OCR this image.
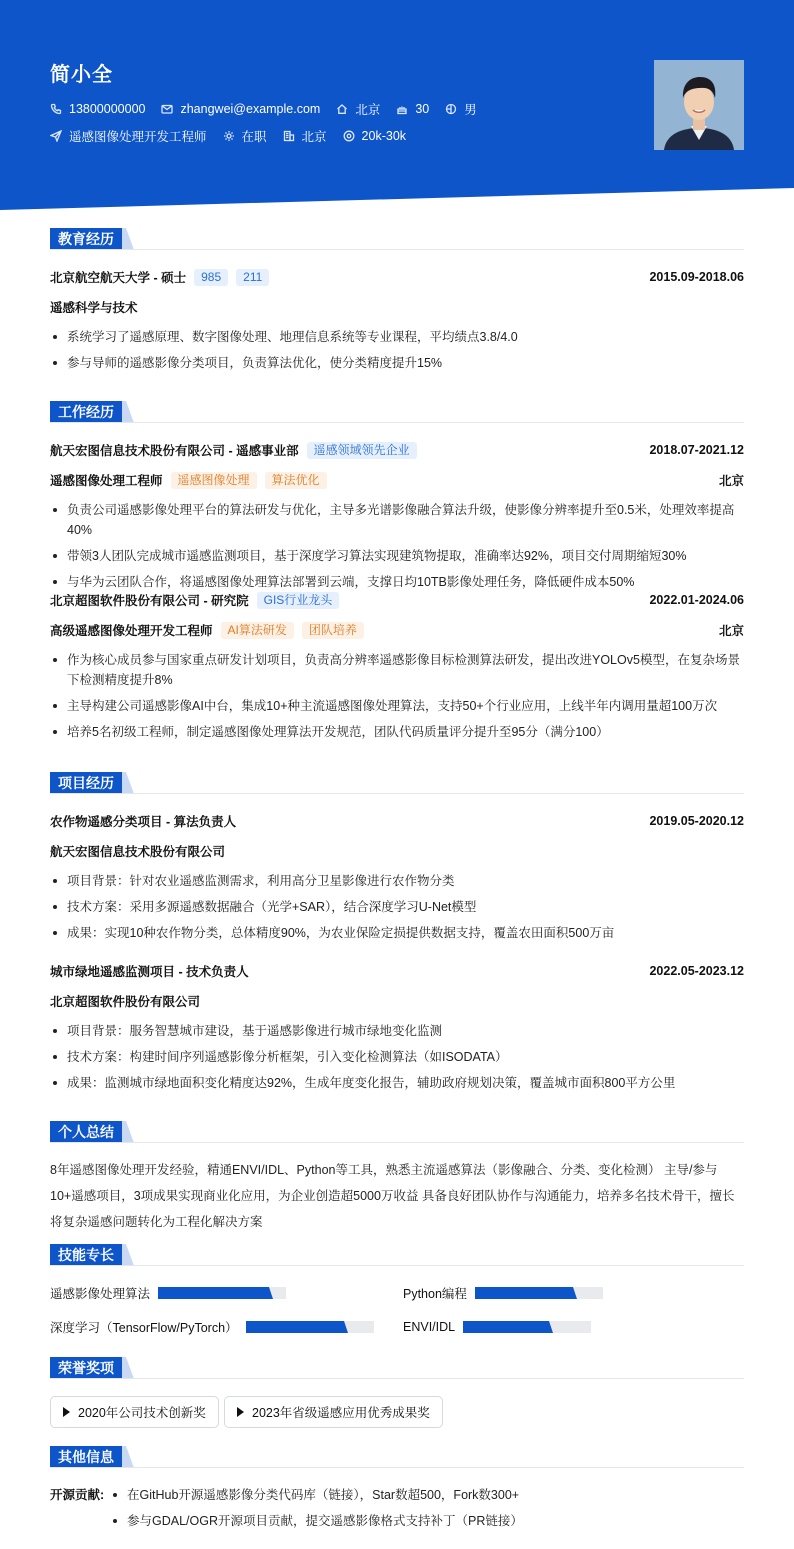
简小全
13800000000	zhangwei@example.com	北京	30	男
遥感图像处理开发工程师	在职	北京	20k-30k
教育经历
北京航空航天大学 - 硕士	985	211	2015.09-2018.06
遥感科学与技术
系统学习了遥感原理、数字图像处理、地理信息系统等专业课程，平均绩点3.8/4.0
参与导师的遥感影像分类项目，负责算法优化，使分类精度提升15%
工作经历
航天宏图信息技术股份有限公司 - 遥感事业部	遥感领域领先企业	2018.07-2021.12
遥感图像处理工程师	遥感图像处理	算法优化	北京
负责公司遥感影像处理平台的算法研发与优化，主导多光谱影像融合算法升级，使影像分辨率提升至0.5米，处理效率提高40%
带领3人团队完成城市遥感监测项目，基于深度学习算法实现建筑物提取，准确率达92%，项目交付周期缩短30%
与华为云团队合作，将遥感图像处理算法部署到云端，支撑日均10TB影像处理任务，降低硬件成本50%
北京超图软件股份有限公司 - 研究院	GIS行业龙头	2022.01-2024.06
高级遥感图像处理开发工程师	AI算法研发	团队培养	北京
作为核心成员参与国家重点研发计划项目，负责高分辨率遥感影像目标检测算法研发，提出改进YOLOv5模型，在复杂场景下检测精度提升8%
主导构建公司遥感影像AI中台，集成10+种主流遥感图像处理算法，支持50+个行业应用，上线半年内调用量超100万次
培养5名初级工程师，制定遥感图像处理算法开发规范，团队代码质量评分提升至95分（满分100）
项目经历
农作物遥感分类项目 - 算法负责人	2019.05-2020.12
航天宏图信息技术股份有限公司
项目背景：针对农业遥感监测需求，利用高分卫星影像进行农作物分类
技术方案：采用多源遥感数据融合（光学+SAR），结合深度学习U-Net模型
成果：实现10种农作物分类，总体精度90%，为农业保险定损提供数据支持，覆盖农田面积500万亩
城市绿地遥感监测项目 - 技术负责人	2022.05-2023.12
北京超图软件股份有限公司
项目背景：服务智慧城市建设，基于遥感影像进行城市绿地变化监测
技术方案：构建时间序列遥感影像分析框架，引入变化检测算法（如ISODATA）
成果：监测城市绿地面积变化精度达92%，生成年度变化报告，辅助政府规划决策，覆盖城市面积800平方公里
个人总结
8年遥感图像处理开发经验，精通ENVI/IDL、Python等工具，熟悉主流遥感算法（影像融合、分类、变化检测） 主导/参与10+遥感项目，3项成果实现商业化应用，为企业创造超5000万收益 具备良好团队协作与沟通能力，培养多名技术骨干，擅长将复杂遥感问题转化为工程化解决方案
技能专长
遥感影像处理算法	Python编程
深度学习（TensorFlow/PyTorch）	ENVI/IDL
荣誉奖项
2020年公司技术创新奖	2023年省级遥感应用优秀成果奖
其他信息
开源贡献:	在GitHub开源遥感影像分类代码库（链接），Star数超500，Fork数300+
参与GDAL/OGR开源项目贡献，提交遥感影像格式支持补丁（PR链接）
